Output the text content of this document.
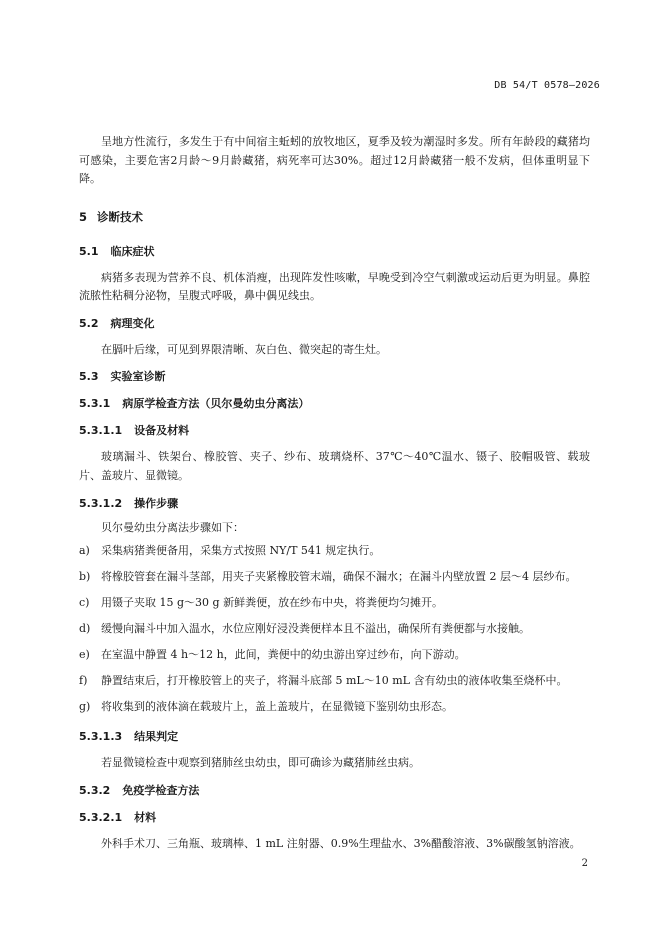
DB 54/T 0578—2026

呈地方性流行，多发生于有中间宿主蚯蚓的放牧地区，夏季及较为潮湿时多发。所有年龄段的藏猪均可感染，主要危害2月龄～9月龄藏猪，病死率可达30%。超过12月龄藏猪一般不发病，但体重明显下降。

5 诊断技术
5.1 临床症状

病猪多表现为营养不良、机体消瘦，出现阵发性咳嗽，早晚受到冷空气刺激或运动后更为明显。鼻腔流脓性粘稠分泌物，呈腹式呼吸，鼻中偶见线虫。

5.2 病理变化

在膈叶后缘，可见到界限清晰、灰白色、微突起的寄生灶。

5.3 实验室诊断
5.3.1 病原学检查方法（贝尔曼幼虫分离法）
5.3.1.1 设备及材料

玻璃漏斗、铁架台、橡胶管、夹子、纱布、玻璃烧杯、37℃～40℃温水、镊子、胶帽吸管、载玻片、盖玻片、显微镜。

5.3.1.2 操作步骤

贝尔曼幼虫分离法步骤如下：

a) 采集病猪粪便备用，采集方式按照 NY/T 541 规定执行。
b) 将橡胶管套在漏斗茎部，用夹子夹紧橡胶管末端，确保不漏水；在漏斗内壁放置 2 层～4 层纱布。
c) 用镊子夹取 15 g～30 g 新鲜粪便，放在纱布中央，将粪便均匀摊开。
d) 缓慢向漏斗中加入温水，水位应刚好浸没粪便样本且不溢出，确保所有粪便都与水接触。
e) 在室温中静置 4 h～12 h，此间，粪便中的幼虫游出穿过纱布，向下游动。
f) 静置结束后，打开橡胶管上的夹子，将漏斗底部 5 mL～10 mL 含有幼虫的液体收集至烧杯中。
g) 将收集到的液体滴在载玻片上，盖上盖玻片，在显微镜下鉴别幼虫形态。
5.3.1.3 结果判定

若显微镜检查中观察到猪肺丝虫幼虫，即可确诊为藏猪肺丝虫病。

5.3.2 免疫学检查方法
5.3.2.1 材料

外科手术刀、三角瓶、玻璃棒、1 mL 注射器、0.9%生理盐水、3%醋酸溶液、3%碳酸氢钠溶液。

2
